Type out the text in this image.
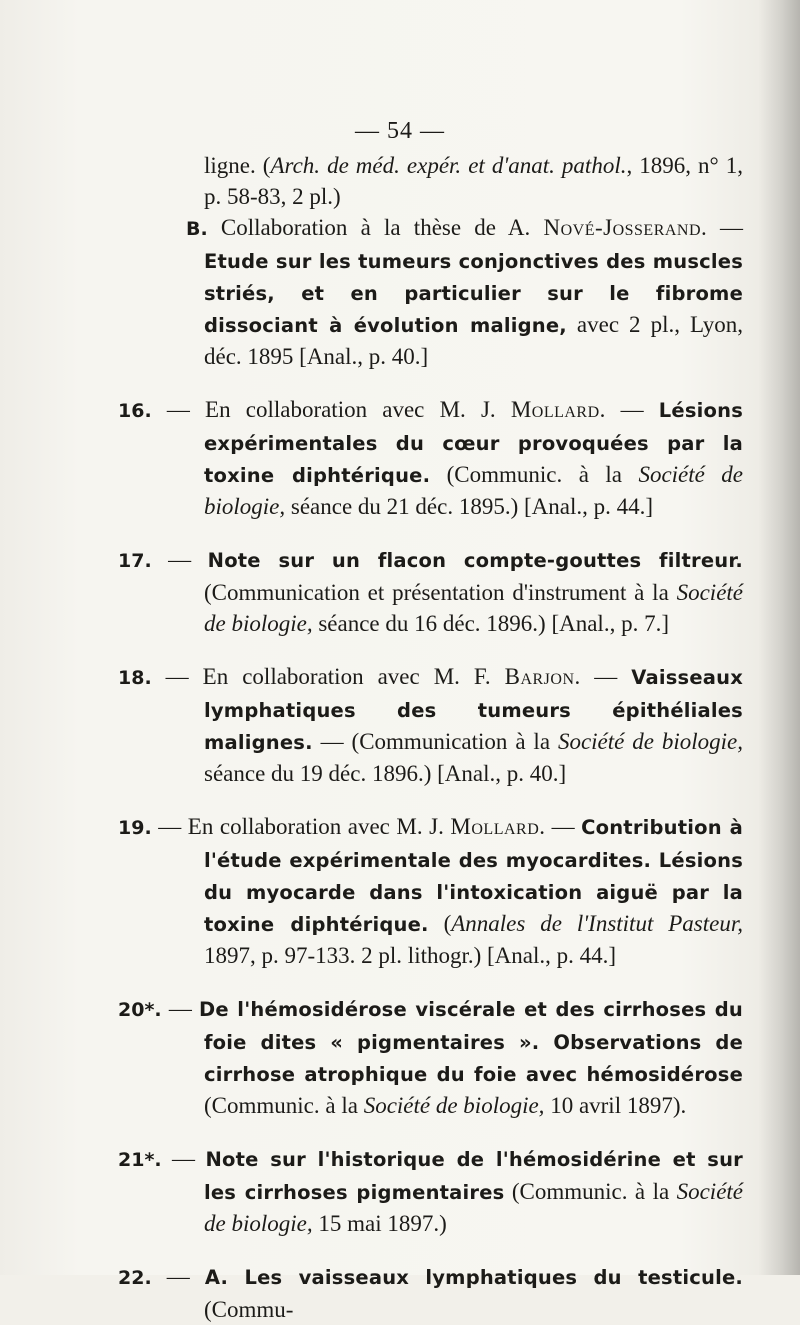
— 54 —

ligne. (Arch. de méd. expér. et d'anat. pathol., 1896, n° 1, p. 58-83, 2 pl.)

B. Collaboration à la thèse de A. Nové-Josserand. — Etude sur les tumeurs conjonctives des muscles striés, et en particulier sur le fibrome dissociant à évolution maligne, avec 2 pl., Lyon, déc. 1895 [Anal., p. 40.]

16. — En collaboration avec M. J. Mollard. — Lésions expérimentales du cœur provoquées par la toxine diphtérique. (Communic. à la Société de biologie, séance du 21 déc. 1895.) [Anal., p. 44.]

17. — Note sur un flacon compte-gouttes filtreur. (Communication et présentation d'instrument à la Société de biologie, séance du 16 déc. 1896.) [Anal., p. 7.]

18. — En collaboration avec M. F. Barjon. — Vaisseaux lymphatiques des tumeurs épithéliales malignes. — (Communication à la Société de biologie, séance du 19 déc. 1896.) [Anal., p. 40.]

19. — En collaboration avec M. J. Mollard. — Contribution à l'étude expérimentale des myocardites. Lésions du myocarde dans l'intoxication aiguë par la toxine diphtérique. (Annales de l'Institut Pasteur, 1897, p. 97-133. 2 pl. lithogr.) [Anal., p. 44.]

20*. — De l'hémosidérose viscérale et des cirrhoses du foie dites « pigmentaires ». Observations de cirrhose atrophique du foie avec hémosidérose (Communic. à la Société de biologie, 10 avril 1897).

21*. — Note sur l'historique de l'hémosidérine et sur les cirrhoses pigmentaires (Communic. à la Société de biologie, 15 mai 1897.)

22. — A. Les vaisseaux lymphatiques du testicule. (Commu-
